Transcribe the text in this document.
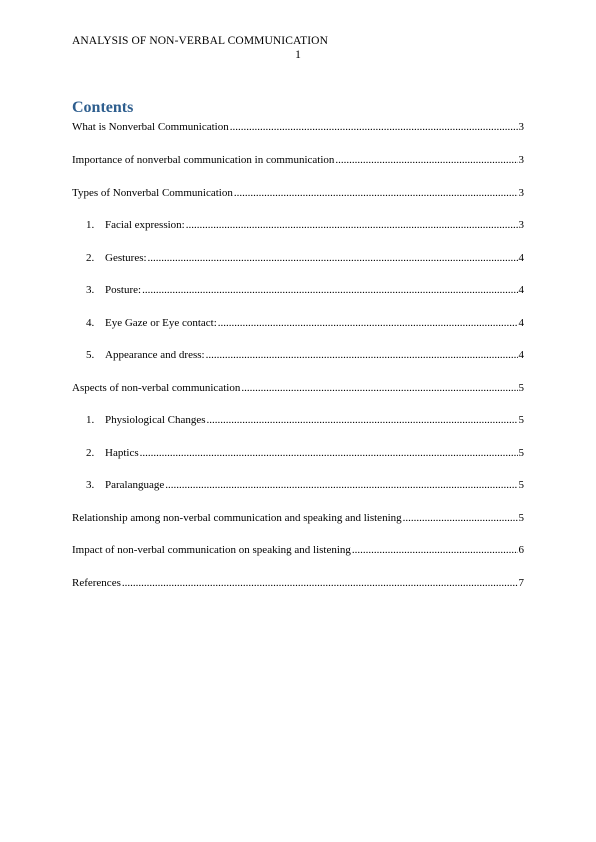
ANALYSIS OF NON-VERBAL COMMUNICATION
1
Contents
What is Nonverbal Communication .....	3
Importance of nonverbal communication in communication .....	3
Types of Nonverbal Communication .....	3
1. Facial expression: .....	3
2. Gestures: .....	4
3. Posture: .....	4
4. Eye Gaze or Eye contact: .....	4
5. Appearance and dress: .....	4
Aspects of non-verbal communication .....	5
1. Physiological Changes .....	5
2. Haptics .....	5
3. Paralanguage .....	5
Relationship among non-verbal communication and speaking and listening .....	5
Impact of non-verbal communication on speaking and listening .....	6
References .....	7
